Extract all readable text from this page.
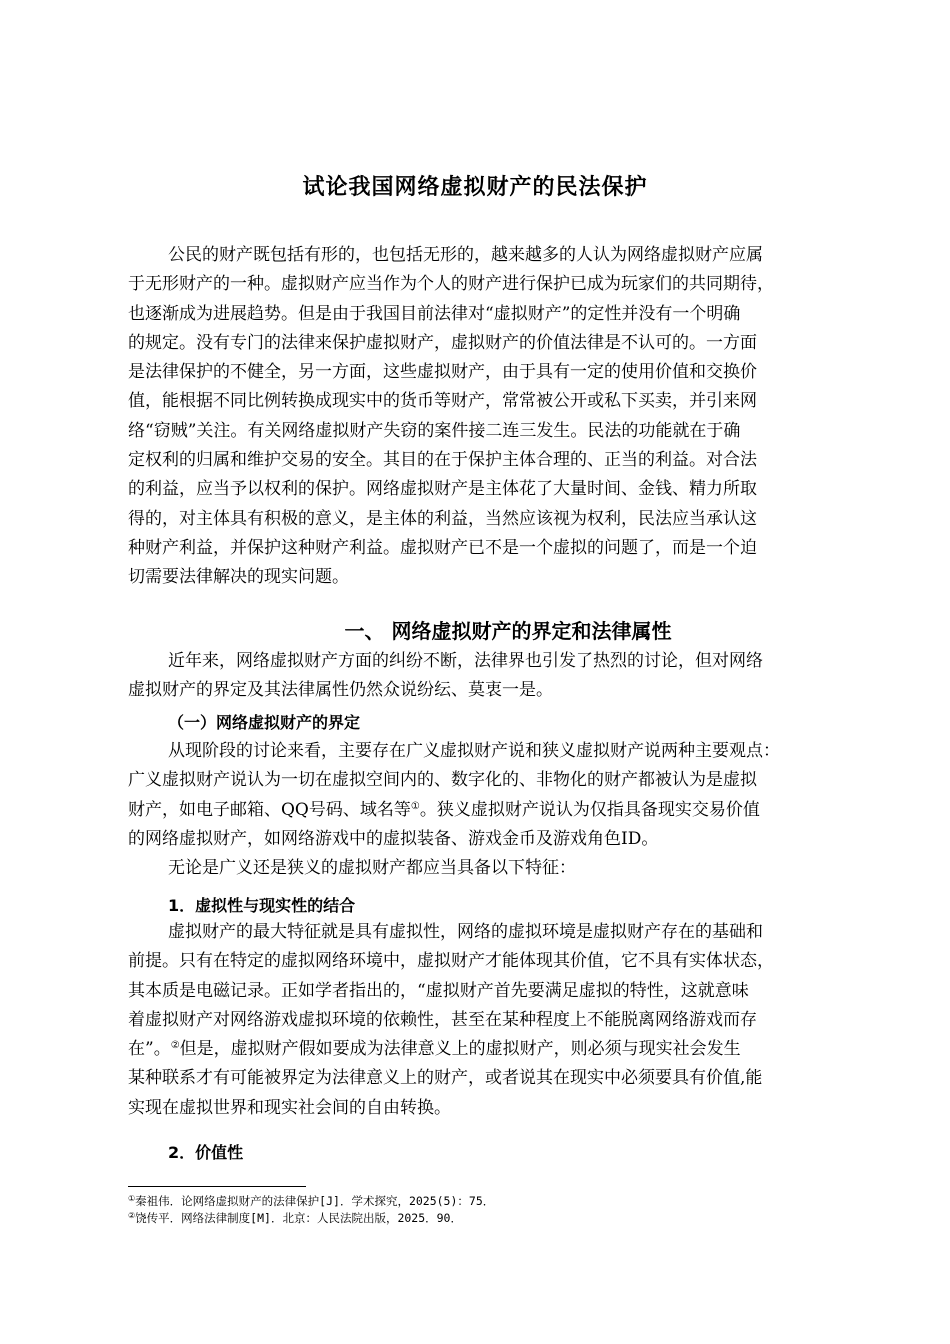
试论我国网络虚拟财产的民法保护
公民的财产既包括有形的，也包括无形的，越来越多的人认为网络虚拟财产应属
于无形财产的一种。虚拟财产应当作为个人的财产进行保护已成为玩家们的共同期待，
也逐渐成为进展趋势。但是由于我国目前法律对“虚拟财产”的定性并没有一个明确
的规定。没有专门的法律来保护虚拟财产，虚拟财产的价值法律是不认可的。一方面
是法律保护的不健全，另一方面，这些虚拟财产，由于具有一定的使用价值和交换价
值，能根据不同比例转换成现实中的货币等财产，常常被公开或私下买卖，并引来网
络“窃贼”关注。有关网络虚拟财产失窃的案件接二连三发生。民法的功能就在于确
定权利的归属和维护交易的安全。其目的在于保护主体合理的、正当的利益。对合法
的利益，应当予以权利的保护。网络虚拟财产是主体花了大量时间、金钱、精力所取
得的，对主体具有积极的意义，是主体的利益，当然应该视为权利，民法应当承认这
种财产利益，并保护这种财产利益。虚拟财产已不是一个虚拟的问题了，而是一个迫
切需要法律解决的现实问题。
一、 网络虚拟财产的界定和法律属性
近年来，网络虚拟财产方面的纠纷不断，法律界也引发了热烈的讨论，但对网络
虚拟财产的界定及其法律属性仍然众说纷纭、莫衷一是。
（一）网络虚拟财产的界定
从现阶段的讨论来看，主要存在广义虚拟财产说和狭义虚拟财产说两种主要观点：
广义虚拟财产说认为一切在虚拟空间内的、数字化的、非物化的财产都被认为是虚拟
财产，如电子邮箱、QQ号码、域名等①。狭义虚拟财产说认为仅指具备现实交易价值
的网络虚拟财产，如网络游戏中的虚拟装备、游戏金币及游戏角色ID。
无论是广义还是狭义的虚拟财产都应当具备以下特征：
1．虚拟性与现实性的结合
虚拟财产的最大特征就是具有虚拟性，网络的虚拟环境是虚拟财产存在的基础和
前提。只有在特定的虚拟网络环境中，虚拟财产才能体现其价值，它不具有实体状态，
其本质是电磁记录。正如学者指出的，“虚拟财产首先要满足虚拟的特性，这就意味
着虚拟财产对网络游戏虚拟环境的依赖性，甚至在某种程度上不能脱离网络游戏而存
在”。②但是，虚拟财产假如要成为法律意义上的虚拟财产，则必须与现实社会发生
某种联系才有可能被界定为法律意义上的财产，或者说其在现实中必须要具有价值,能
实现在虚拟世界和现实社会间的自由转换。
2．价值性
①秦祖伟．论网络虚拟财产的法律保护[J]．学术探究，2025(5)：75．
②饶传平．网络法律制度[M]．北京：人民法院出版，2025．90．
